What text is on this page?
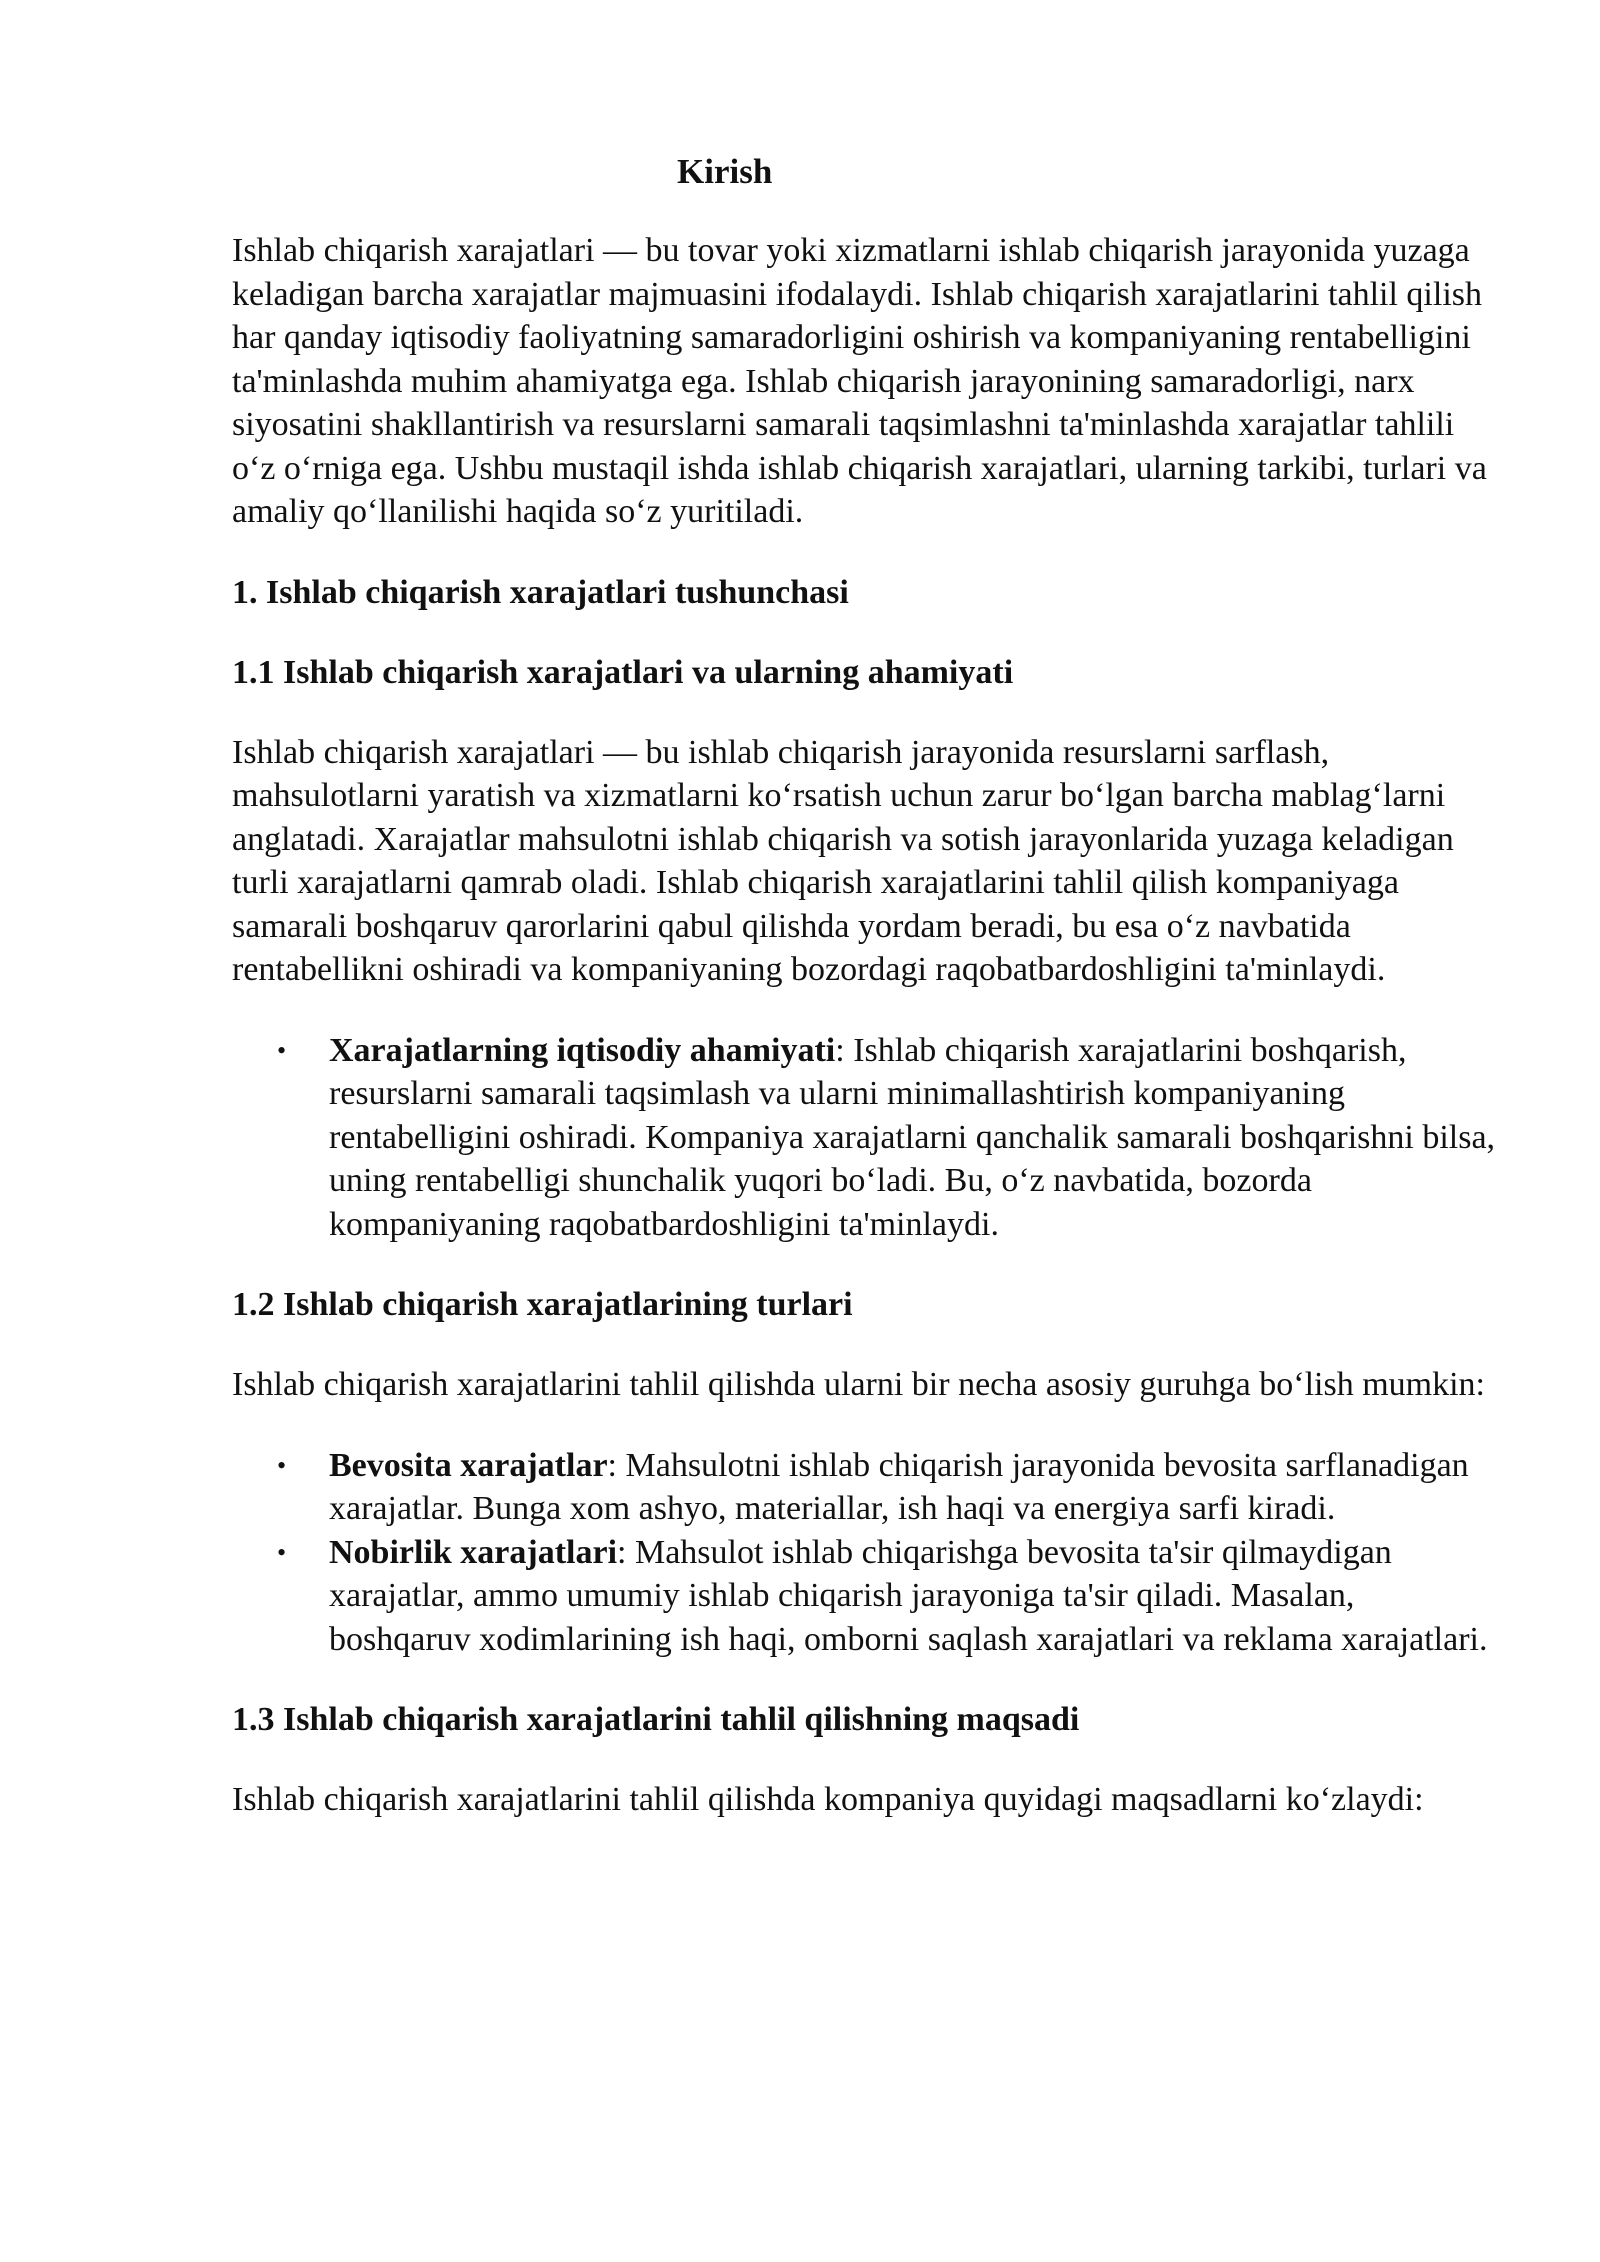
Kirish

Ishlab chiqarish xarajatlari — bu tovar yoki xizmatlarni ishlab chiqarish jarayonida yuzaga keladigan barcha xarajatlar majmuasini ifodalaydi. Ishlab chiqarish xarajatlarini tahlil qilish har qanday iqtisodiy faoliyatning samaradorligini oshirish va kompaniyaning rentabelligini ta'minlashda muhim ahamiyatga ega. Ishlab chiqarish jarayonining samaradorligi, narx siyosatini shakllantirish va resurslarni samarali taqsimlashni ta'minlashda xarajatlar tahlili oʻz oʻrniga ega. Ushbu mustaqil ishda ishlab chiqarish xarajatlari, ularning tarkibi, turlari va amaliy qoʻllanilishi haqida soʻz yuritiladi.

1. Ishlab chiqarish xarajatlari tushunchasi
1.1 Ishlab chiqarish xarajatlari va ularning ahamiyati

Ishlab chiqarish xarajatlari — bu ishlab chiqarish jarayonida resurslarni sarflash, mahsulotlarni yaratish va xizmatlarni koʻrsatish uchun zarur boʻlgan barcha mablagʻlarni anglatadi. Xarajatlar mahsulotni ishlab chiqarish va sotish jarayonlarida yuzaga keladigan turli xarajatlarni qamrab oladi. Ishlab chiqarish xarajatlarini tahlil qilish kompaniyaga samarali boshqaruv qarorlarini qabul qilishda yordam beradi, bu esa oʻz navbatida rentabellikni oshiradi va kompaniyaning bozordagi raqobatbardoshligini ta'minlaydi.

• Xarajatlarning iqtisodiy ahamiyati: Ishlab chiqarish xarajatlarini boshqarish, resurslarni samarali taqsimlash va ularni minimallashtirish kompaniyaning rentabelligini oshiradi. Kompaniya xarajatlarni qanchalik samarali boshqarishni bilsa, uning rentabelligi shunchalik yuqori boʻladi. Bu, oʻz navbatida, bozorda kompaniyaning raqobatbardoshligini ta'minlaydi.
1.2 Ishlab chiqarish xarajatlarining turlari

Ishlab chiqarish xarajatlarini tahlil qilishda ularni bir necha asosiy guruhga boʻlish mumkin:

• Bevosita xarajatlar: Mahsulotni ishlab chiqarish jarayonida bevosita sarflanadigan xarajatlar. Bunga xom ashyo, materiallar, ish haqi va energiya sarfi kiradi.
• Nobirlik xarajatlari: Mahsulot ishlab chiqarishga bevosita ta'sir qilmaydigan xarajatlar, ammo umumiy ishlab chiqarish jarayoniga ta'sir qiladi. Masalan, boshqaruv xodimlarining ish haqi, omborni saqlash xarajatlari va reklama xarajatlari.
1.3 Ishlab chiqarish xarajatlarini tahlil qilishning maqsadi

Ishlab chiqarish xarajatlarini tahlil qilishda kompaniya quyidagi maqsadlarni koʻzlaydi:
